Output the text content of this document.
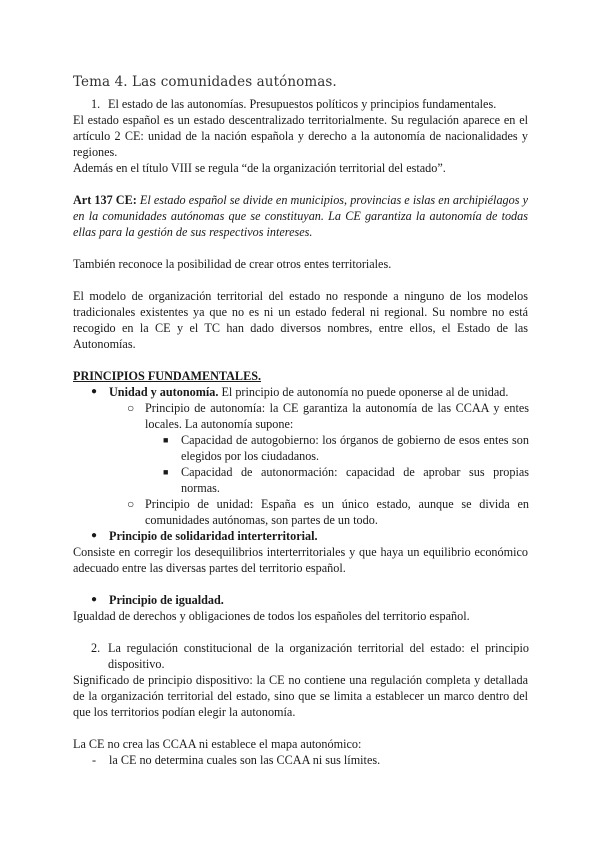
Tema 4. Las comunidades autónomas.
1. El estado de las autonomías. Presupuestos políticos y principios fundamentales.
El estado español es un estado descentralizado territorialmente. Su regulación aparece en el artículo 2 CE: unidad de la nación española y derecho a la autonomía de nacionalidades y regiones.
Además en el título VIII se regula “de la organización territorial del estado”.
Art 137 CE: El estado español se divide en municipios, provincias e islas en archipiélagos y en la comunidades autónomas que se constituyan. La CE garantiza la autonomía de todas ellas para la gestión de sus respectivos intereses.
También reconoce la posibilidad de crear otros entes territoriales.
El modelo de organización territorial del estado no responde a ninguno de los modelos tradicionales existentes ya que no es ni un estado federal ni regional. Su nombre no está recogido en la CE y el TC han dado diversos nombres, entre ellos, el Estado de las Autonomías.
PRINCIPIOS FUNDAMENTALES.
● Unidad y autonomía. El principio de autonomía no puede oponerse al de unidad.
○ Principio de autonomía: la CE garantiza la autonomía de las CCAA y entes locales. La autonomía supone:
■ Capacidad de autogobierno: los órganos de gobierno de esos entes son elegidos por los ciudadanos.
■ Capacidad de autonormación: capacidad de aprobar sus propias normas.
○ Principio de unidad: España es un único estado, aunque se divida en comunidades autónomas, son partes de un todo.
● Principio de solidaridad interterritorial.
Consiste en corregir los desequilibrios interterritoriales y que haya un equilibrio económico adecuado entre las diversas partes del territorio español.
● Principio de igualdad.
Igualdad de derechos y obligaciones de todos los españoles del territorio español.
2. La regulación constitucional de la organización territorial del estado: el principio dispositivo.
Significado de principio dispositivo: la CE no contiene una regulación completa y detallada de la organización territorial del estado, sino que se limita a establecer un marco dentro del que los territorios podían elegir la autonomía.
La CE no crea las CCAA ni establece el mapa autonómico:
- la CE no determina cuales son las CCAA ni sus límites.
